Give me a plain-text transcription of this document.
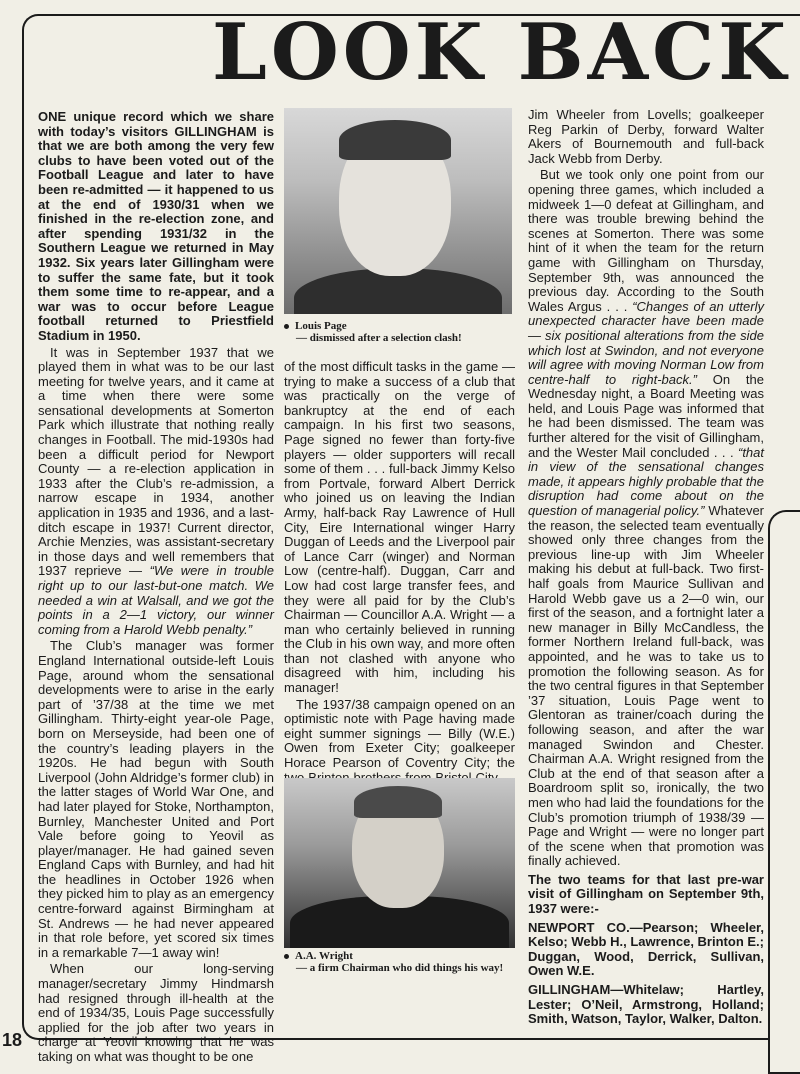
LOOK BACK

ONE unique record which we share with today’s visitors GILLINGHAM is that we are both among the very few clubs to have been voted out of the Football League and later to have been re-admitted — it happened to us at the end of 1930/31 when we finished in the re-election zone, and after spending 1931/32 in the Southern League we returned in May 1932. Six years later Gillingham were to suffer the same fate, but it took them some time to re-appear, and a war was to occur before League football returned to Priestfield Stadium in 1950.

It was in September 1937 that we played them in what was to be our last meeting for twelve years, and it came at a time when there were some sensational developments at Somerton Park which illustrate that nothing really changes in Football. The mid-1930s had been a difficult period for Newport County — a re-election application in 1933 after the Club’s re-admission, a narrow escape in 1934, another application in 1935 and 1936, and a last-ditch escape in 1937! Current director, Archie Menzies, was assistant-secretary in those days and well remembers that 1937 reprieve — “We were in trouble right up to our last-but-one match. We needed a win at Walsall, and we got the points in a 2—1 victory, our winner coming from a Harold Webb penalty.”

The Club’s manager was former England International outside-left Louis Page, around whom the sensational developments were to arise in the early part of ’37/38 at the time we met Gillingham. Thirty-eight year-ole Page, born on Merseyside, had been one of the country’s leading players in the 1920s. He had begun with South Liverpool (John Aldridge’s former club) in the latter stages of World War One, and had later played for Stoke, Northampton, Burnley, Manchester United and Port Vale before going to Yeovil as player/manager. He had gained seven England Caps with Burnley, and had hit the headlines in October 1926 when they picked him to play as an emergency centre-forward against Birmingham at St. Andrews — he had never appeared in that role before, yet scored six times in a remarkable 7—1 away win!

When our long-serving manager/secretary Jimmy Hindmarsh had resigned through ill-health at the end of 1934/35, Louis Page successfully applied for the job after two years in charge at Yeovil knowing that he was taking on what was thought to be one

Louis Page
— dismissed after a selection clash!

of the most difficult tasks in the game — trying to make a success of a club that was practically on the verge of bankruptcy at the end of each campaign. In his first two seasons, Page signed no fewer than forty-five players — older supporters will recall some of them . . . full-back Jimmy Kelso from Portvale, forward Albert Derrick who joined us on leaving the Indian Army, half-back Ray Lawrence of Hull City, Eire International winger Harry Duggan of Leeds and the Liverpool pair of Lance Carr (winger) and Norman Low (centre-half). Duggan, Carr and Low had cost large transfer fees, and they were all paid for by the Club’s Chairman — Councillor A.A. Wright — a man who certainly believed in running the Club in his own way, and more often than not clashed with anyone who disagreed with him, including his manager!

The 1937/38 campaign opened on an optimistic note with Page having made eight summer signings — Billy (W.E.) Owen from Exeter City; goalkeeper Horace Pearson of Coventry City; the

A.A. Wright
— a firm Chairman who did things his way!

Jim Wheeler from Lovells; goalkeeper Reg Parkin of Derby, forward Walter Akers of Bournemouth and full-back Jack Webb from Derby.

But we took only one point from our opening three games, which included a midweek 1—0 defeat at Gillingham, and there was trouble brewing behind the scenes at Somerton. There was some hint of it when the team for the return game with Gillingham on Thursday, September 9th, was announced the previous day. According to the South Wales Argus . . . “Changes of an utterly unexpected character have been made — six positional alterations from the side which lost at Swindon, and not everyone will agree with moving Norman Low from centre-half to right-back.” On the Wednesday night, a Board Meeting was held, and Louis Page was informed that he had been dismissed. The team was further altered for the visit of Gillingham, and the Wester Mail concluded . . . “that in view of the sensational changes made, it appears highly probable that the disruption had come about on the question of managerial policy.” Whatever the reason, the selected team eventually showed only three changes from the previous line-up with Jim Wheeler making his debut at full-back. Two first-half goals from Maurice Sullivan and Harold Webb gave us a 2—0 win, our first of the season, and a fortnight later a new manager in Billy McCandless, the former Northern Ireland full-back, was appointed, and he was to take us to promotion the following season. As for the two central figures in that September ’37 situation, Louis Page went to Glentoran as trainer/coach during the following season, and after the war managed Swindon and Chester. Chairman A.A. Wright resigned from the Club at the end of that season after a Boardroom split so, ironically, the two men who had laid the foundations for the Club’s promotion triumph of 1938/39 — Page and Wright — were no longer part of the scene when that promotion was finally achieved.

The two teams for that last pre-war visit of Gillingham on September 9th, 1937 were:-

NEWPORT CO.—Pearson; Wheeler, Kelso; Webb H., Lawrence, Brinton E.; Duggan, Wood, Derrick, Sullivan, Owen W.E.

GILLINGHAM—Whitelaw; Hartley, Lester; O’Neil, Armstrong, Holland; Smith, Watson, Taylor, Walker, Dalton.

18
